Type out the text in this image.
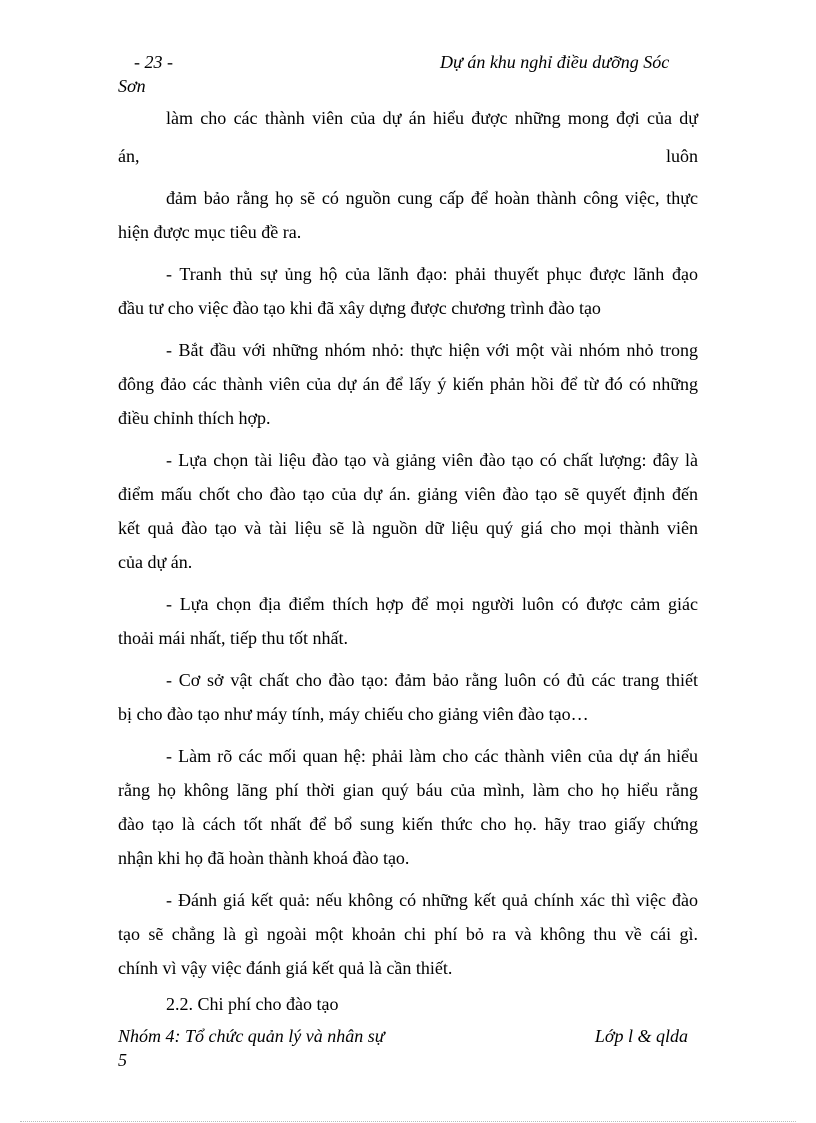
- 23 -	Dự án khu nghỉ điều dưỡng Sóc
Sơn
làm cho các thành viên của dự án hiểu được những mong đợi của dự
án,	luôn
đảm bảo rằng họ sẽ có nguồn cung cấp để hoàn thành công việc, thực
hiện được mục tiêu đề ra.
- Tranh thủ sự ủng hộ của lãnh đạo: phải thuyết phục được lãnh đạo
đầu tư cho việc đào tạo khi đã xây dựng được chương trình đào tạo
- Bắt đầu với những nhóm nhỏ: thực hiện với một vài nhóm nhỏ trong
đông đảo các thành viên của dự án để lấy ý kiến phản hồi để từ đó có những
điều chỉnh thích hợp.
- Lựa chọn tài liệu đào tạo và giảng viên đào tạo có chất lượng: đây là
điểm mấu chốt cho đào tạo của dự án. giảng viên đào tạo sẽ quyết định đến
kết quả đào tạo và tài liệu sẽ là nguồn dữ liệu quý giá cho mọi thành viên
của dự án.
- Lựa chọn địa điểm thích hợp để mọi người luôn có được cảm giác
thoải mái nhất, tiếp thu tốt nhất.
- Cơ sở vật chất cho đào tạo: đảm bảo rằng luôn có đủ các trang thiết
bị cho đào tạo như máy tính, máy chiếu cho giảng viên đào tạo…
- Làm rõ các mối quan hệ: phải làm cho các thành viên của dự án hiểu
rằng họ không lãng phí thời gian quý báu của mình, làm cho họ hiểu rằng
đào tạo là cách tốt nhất để bổ sung kiến thức cho họ. hãy trao giấy chứng
nhận khi họ đã hoàn thành khoá đào tạo.
- Đánh giá kết quả: nếu không có những kết quả chính xác thì việc đào
tạo sẽ chẳng là gì ngoài một khoản chi phí bỏ ra và không thu về cái gì.
chính vì vậy việc đánh giá kết quả là cần thiết.
2.2. Chi phí cho đào tạo
Nhóm 4: Tổ chức quản lý và nhân sự	Lớp l & qlda
5
